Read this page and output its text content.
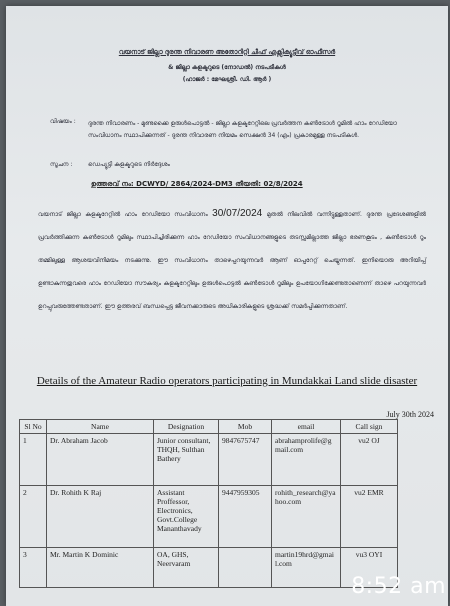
വയനാട് ജില്ലാ ദുരന്ത നിവാരണ അതോറിറ്റി ചീഫ് എക്സിക്യൂട്ടീവ് ഓഫീസർ
& ജില്ലാ കളക്ടറുടെ (നോഡൽ) നടപടികൾ
(ഹാജർ : മേഘശ്രീ. ഡി. ആർ )
വിഷയം : ദുരന്ത നിവാരണം - മുണ്ടക്കൈ ഉരുൾപൊട്ടൽ - ജില്ലാ കളക്ടറേറ്റിലെ പ്രവർത്തന കൺട്രോൾ റൂമിൽ ഹാം റേഡിയോ സംവിധാനം സ്ഥാപിക്കുന്നത് - ദുരന്ത നിവാരണ നിയമം സെക്ഷൻ 34 (എം) പ്രകാരമുള്ള നടപടികൾ.
സൂചന :	ഡെപ്യൂട്ടി കളക്ടറുടെ നിർദ്ദേശം
ഉത്തരവ് നം: DCWYD/ 2864/2024-DM3 തീയതി: 02/8/2024
വയനാട് ജില്ലാ കളക്ടറേറ്റിൽ ഹാം റേഡിയോ സംവിധാനം 30/07/2024 മുതൽ നിലവിൽ വന്നിട്ടുള്ളതാണ്. ദുരന്ത പ്രദേശങ്ങളിൽ പ്രവർത്തിക്കുന്ന കൺട്രോൾ റൂമിലും സ്ഥാപിച്ചിരിക്കുന്ന ഹാം റേഡിയോ സംവിധാനങ്ങളുടെ തടസ്സമില്ലാത്ത ജില്ലാ ഭരണകൂടം , കൺട്രോൾ റൂം തമ്മിലുള്ള ആശയവിനിമയം നടക്കുന്നു. ഈ സംവിധാനം താഴെപ്പറയുന്നവർ ആണ് ഓപ്പറേറ്റ് ചെയ്യുന്നത്. ഇനിയൊരു അറിയിപ്പ് ഉണ്ടാകുന്നതുവരെ ഹാം റേഡിയോ സൗകര്യം കളക്ടറേറ്റിലും ഉരുൾപൊട്ടൽ കൺട്രോൾ റൂമിലും ഉപയോഗിക്കേണ്ടതാണെന്ന് താഴെ പറയുന്നവർ ഉറപ്പുവരുത്തേണ്ടതാണ്. ഈ ഉത്തരവ് ബന്ധപ്പെട്ട ജീവനക്കാരുടെ അധികാരികളുടെ ശ്രദ്ധക്ക് സമർപ്പിക്കുന്നതാണ്.
Details of the Amateur Radio operators participating in Mundakkai Land slide disaster
July 30th 2024
Sl No	Name	Designation	Mob	email	Call sign
1	Dr. Abraham Jacob	Junior consultant, THQH, Sulthan Bathery	9847675747	abrahamprolife@gmail.com	vu2 OJ
2	Dr. Rohith K Raj	Assistant Proffessor, Electronics, Govt.College Mananthavady	9447959305	rohith_research@yahoo.com	vu2 EMR
3	Mr. Martin K Dominic	OA, GHS, Neervaram		martin19hrd@gmail.com	vu3 OYI
8:52 am
